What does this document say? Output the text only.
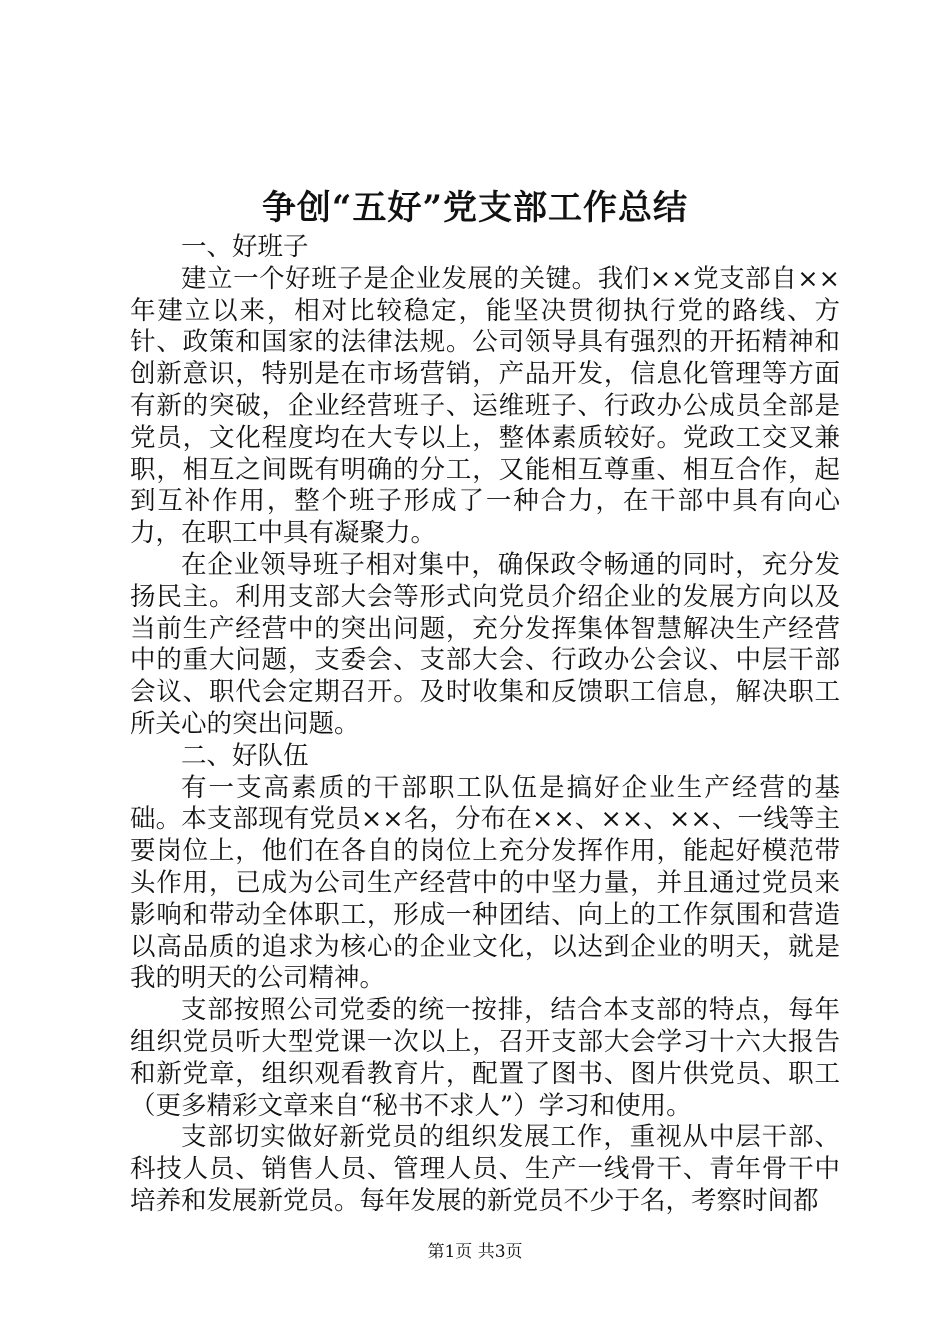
争创“五好”党支部工作总结
一、好班子

建立一个好班子是企业发展的关键。我们××党支部自××年建立以来，相对比较稳定，能坚决贯彻执行党的路线、方针、政策和国家的法律法规。公司领导具有强烈的开拓精神和创新意识，特别是在市场营销，产品开发，信息化管理等方面有新的突破，企业经营班子、运维班子、行政办公成员全部是党员，文化程度均在大专以上，整体素质较好。党政工交叉兼职，相互之间既有明确的分工，又能相互尊重、相互合作，起到互补作用，整个班子形成了一种合力，在干部中具有向心力，在职工中具有凝聚力。

在企业领导班子相对集中，确保政令畅通的同时，充分发扬民主。利用支部大会等形式向党员介绍企业的发展方向以及当前生产经营中的突出问题，充分发挥集体智慧解决生产经营中的重大问题，支委会、支部大会、行政办公会议、中层干部会议、职代会定期召开。及时收集和反馈职工信息，解决职工所关心的突出问题。

二、好队伍

有一支高素质的干部职工队伍是搞好企业生产经营的基础。本支部现有党员××名，分布在××、××、××、一线等主要岗位上，他们在各自的岗位上充分发挥作用，能起好模范带头作用，已成为公司生产经营中的中坚力量，并且通过党员来影响和带动全体职工，形成一种团结、向上的工作氛围和营造以高品质的追求为核心的企业文化，以达到企业的明天，就是我的明天的公司精神。

支部按照公司党委的统一按排，结合本支部的特点，每年组织党员听大型党课一次以上，召开支部大会学习十六大报告和新党章，组织观看教育片，配置了图书、图片供党员、职工（更多精彩文章来自“秘书不求人”）学习和使用。

支部切实做好新党员的组织发展工作，重视从中层干部、科技人员、销售人员、管理人员、生产一线骨干、青年骨干中培养和发展新党员。每年发展的新党员不少于名，考察时间都

第1页 共3页
